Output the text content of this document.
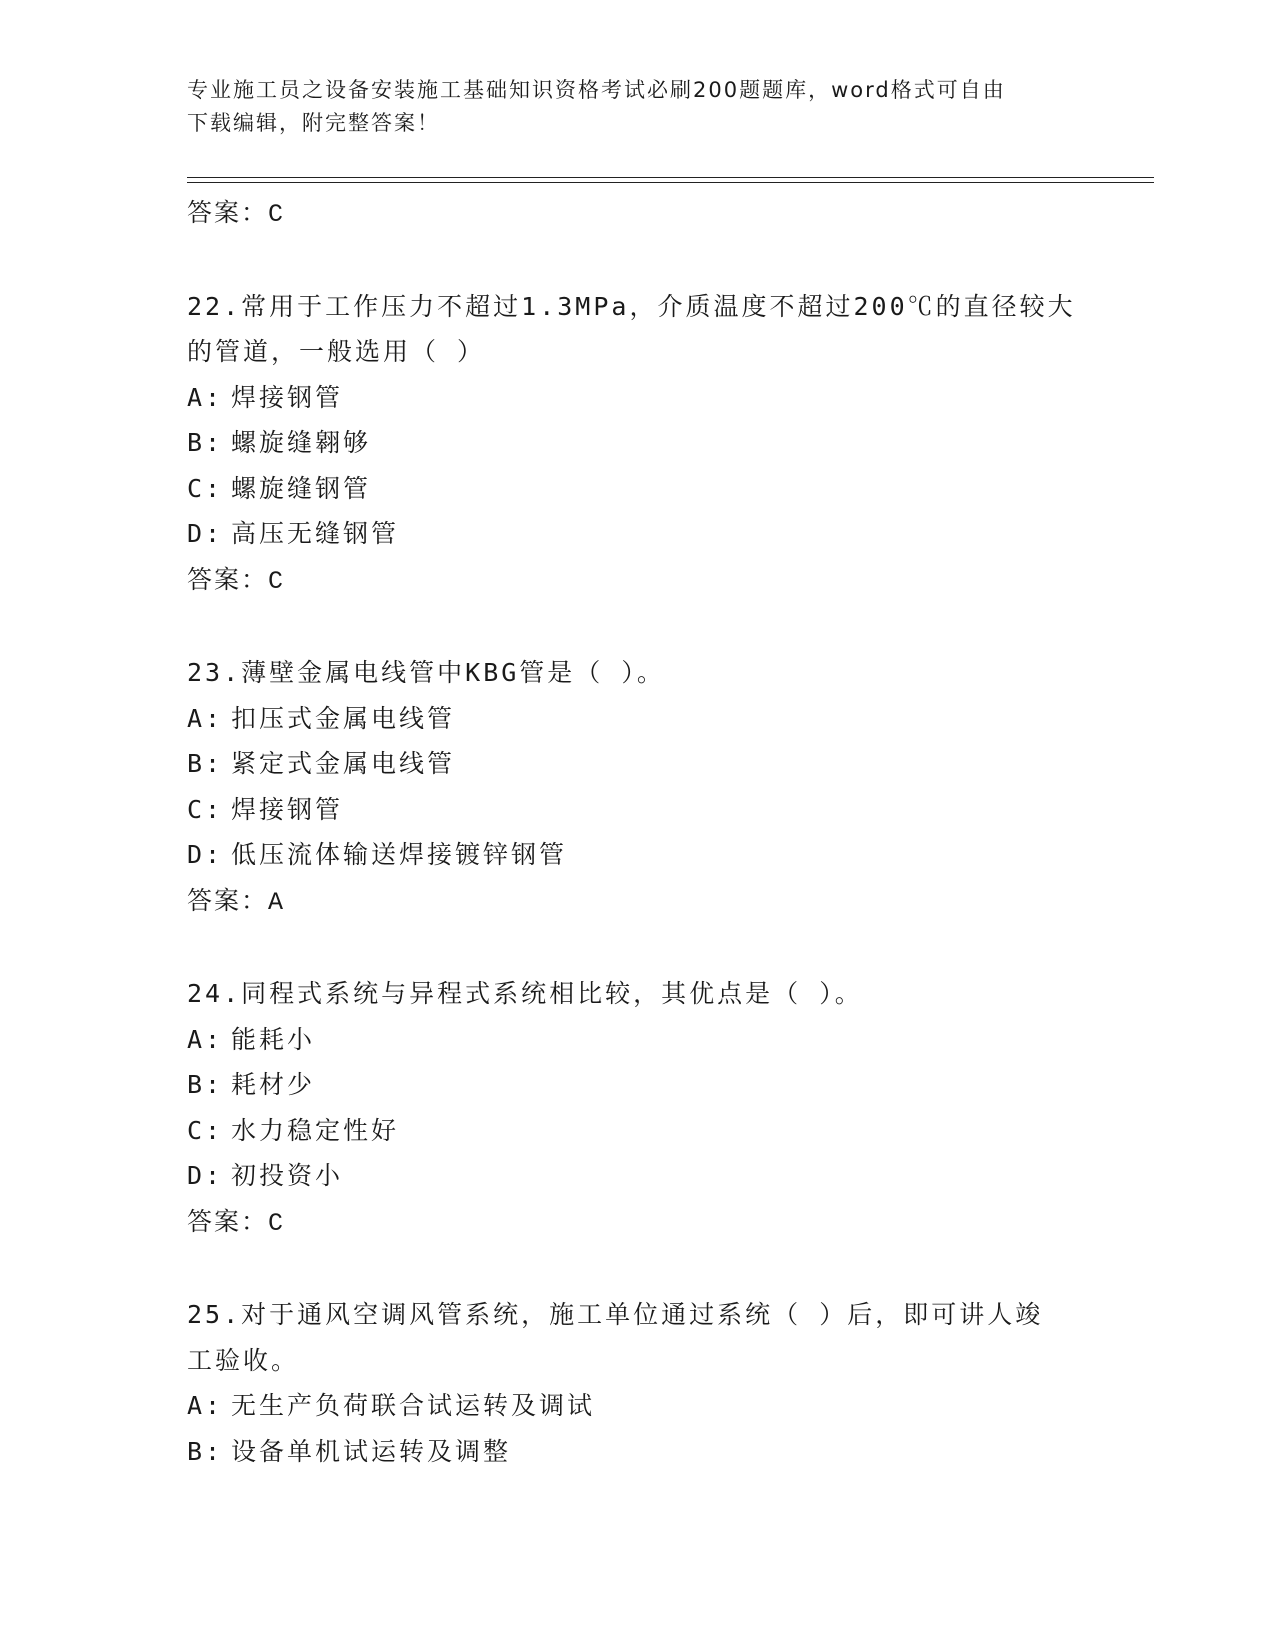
专业施工员之设备安装施工基础知识资格考试必刷200题题库，word格式可自由
下载编辑，附完整答案！
答案：C
22.常用于工作压力不超过1.3MPa，介质温度不超过200℃的直径较大
的管道，一般选用（ ）
A: 焊接钢管
B: 螺旋缝翱够
C: 螺旋缝钢管
D: 高压无缝钢管
答案：C
23.薄壁金属电线管中KBG管是（ ）。
A: 扣压式金属电线管
B: 紧定式金属电线管
C: 焊接钢管
D: 低压流体输送焊接镀锌钢管
答案：A
24.同程式系统与异程式系统相比较，其优点是（ ）。
A: 能耗小
B: 耗材少
C: 水力稳定性好
D: 初投资小
答案：C
25.对于通风空调风管系统，施工单位通过系统（ ）后，即可讲人竣
工验收。
A: 无生产负荷联合试运转及调试
B: 设备单机试运转及调整
